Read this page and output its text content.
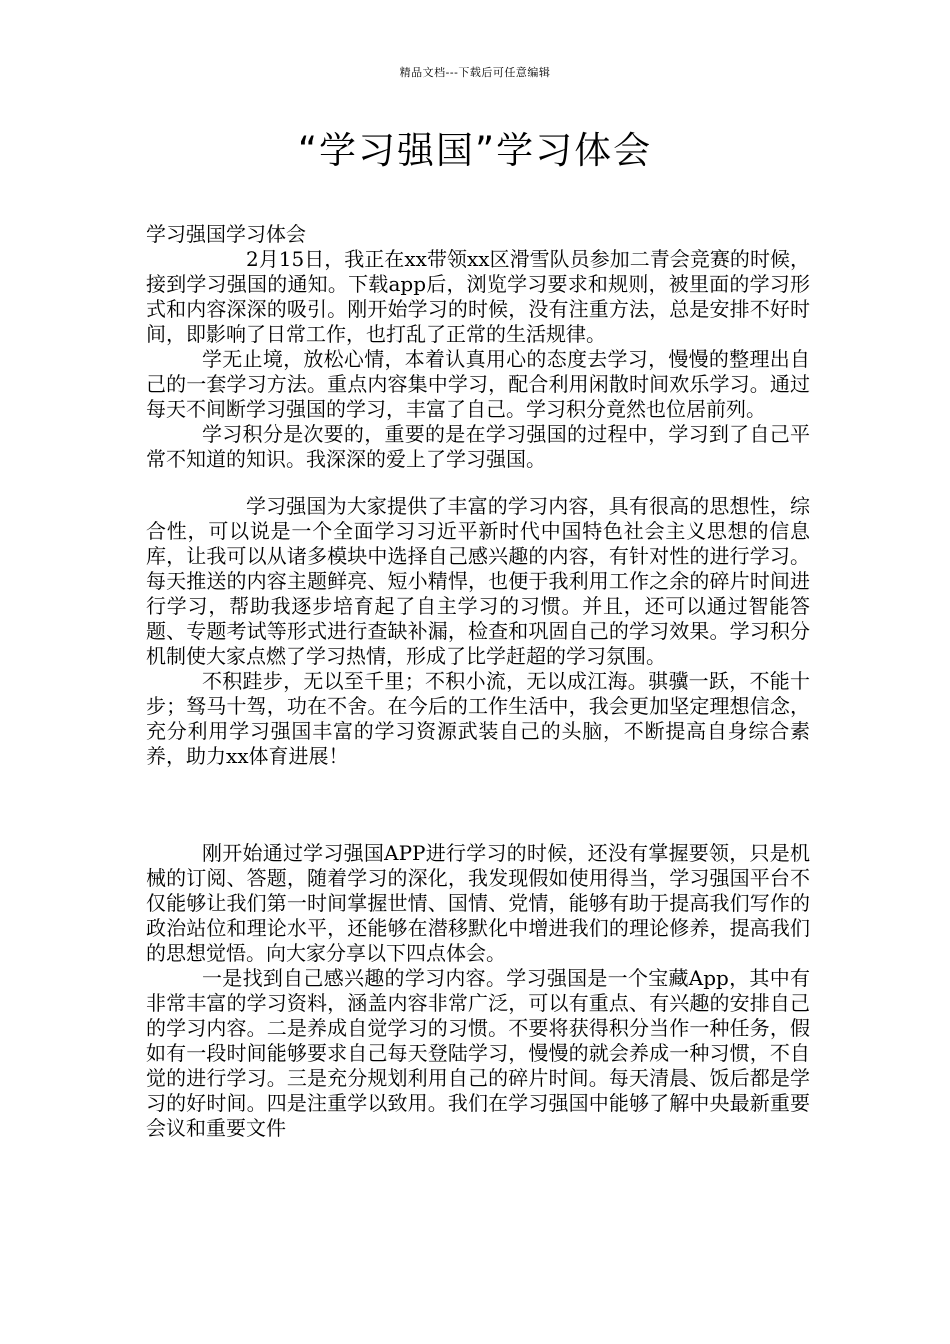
精品文档---下载后可任意编辑
“学习强国”学习体会

学习强国学习体会

2月15日，我正在xx带领xx区滑雪队员参加二青会竞赛的时候，接到学习强国的通知。下载app后，浏览学习要求和规则，被里面的学习形式和内容深深的吸引。刚开始学习的时候，没有注重方法，总是安排不好时间，即影响了日常工作，也打乱了正常的生活规律。

学无止境，放松心情，本着认真用心的态度去学习，慢慢的整理出自己的一套学习方法。重点内容集中学习，配合利用闲散时间欢乐学习。通过每天不间断学习强国的学习，丰富了自己。学习积分竟然也位居前列。

学习积分是次要的，重要的是在学习强国的过程中，学习到了自己平常不知道的知识。我深深的爱上了学习强国。

学习强国为大家提供了丰富的学习内容，具有很高的思想性，综合性，可以说是一个全面学习习近平新时代中国特色社会主义思想的信息库，让我可以从诸多模块中选择自己感兴趣的内容，有针对性的进行学习。每天推送的内容主题鲜亮、短小精悍，也便于我利用工作之余的碎片时间进行学习，帮助我逐步培育起了自主学习的习惯。并且，还可以通过智能答题、专题考试等形式进行查缺补漏，检查和巩固自己的学习效果。学习积分机制使大家点燃了学习热情，形成了比学赶超的学习氛围。

不积跬步，无以至千里；不积小流，无以成江海。骐骥一跃，不能十步；驽马十驾，功在不舍。在今后的工作生活中，我会更加坚定理想信念，充分利用学习强国丰富的学习资源武装自己的头脑，不断提高自身综合素养，助力xx体育进展！

刚开始通过学习强国APP进行学习的时候，还没有掌握要领，只是机械的订阅、答题，随着学习的深化，我发现假如使用得当，学习强国平台不仅能够让我们第一时间掌握世情、国情、党情，能够有助于提高我们写作的政治站位和理论水平，还能够在潜移默化中增进我们的理论修养，提高我们的思想觉悟。向大家分享以下四点体会。

一是找到自己感兴趣的学习内容。学习强国是一个宝藏App，其中有非常丰富的学习资料，涵盖内容非常广泛，可以有重点、有兴趣的安排自己的学习内容。二是养成自觉学习的习惯。不要将获得积分当作一种任务，假如有一段时间能够要求自己每天登陆学习，慢慢的就会养成一种习惯，不自觉的进行学习。三是充分规划利用自己的碎片时间。每天清晨、饭后都是学习的好时间。四是注重学以致用。我们在学习强国中能够了解中央最新重要会议和重要文件
